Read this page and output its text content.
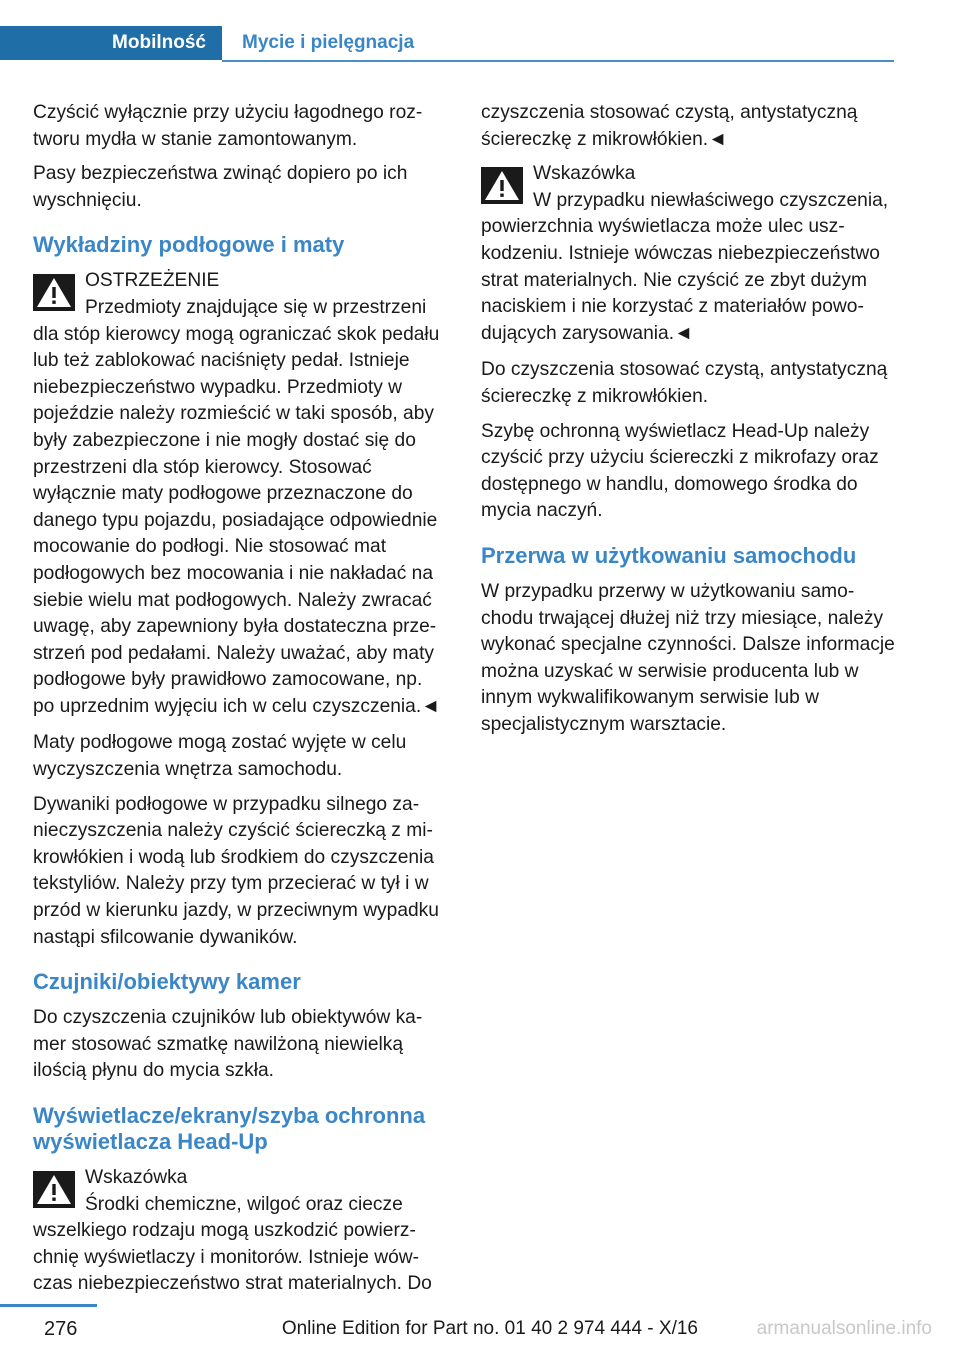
Mobilność	Mycie i pielęgnacja

Czyścić wyłącznie przy użyciu łagodnego roztworu mydła w stanie zamontowanym.

Pasy bezpieczeństwa zwinąć dopiero po ich wyschnięciu.

Wykładziny podłogowe i maty
OSTRZEŻENIE

Przedmioty znajdujące się w przestrzeni dla stóp kierowcy mogą ograniczać skok pedału lub też zablokować naciśnięty pedał. Istnieje niebezpieczeństwo wypadku. Przedmioty w pojeździe należy rozmieścić w taki sposób, aby były zabezpieczone i nie mogły dostać się do przestrzeni dla stóp kierowcy. Stosować wyłącznie maty podłogowe przeznaczone do danego typu pojazdu, posiadające odpowiednie mocowanie do podłogi. Nie stosować mat podłogowych bez mocowania i nie nakładać na siebie wielu mat podłogowych. Należy zwracać uwagę, aby zapewniony była dostateczna przestrzeń pod pedałami. Należy uważać, aby maty podłogowe były prawidłowo zamocowane, np. po uprzednim wyjęciu ich w celu czyszczenia.◄

Maty podłogowe mogą zostać wyjęte w celu wyczyszczenia wnętrza samochodu.

Dywaniki podłogowe w przypadku silnego zanieczyszczenia należy czyścić ściereczką z mikrowłókien i wodą lub środkiem do czyszczenia tekstyliów. Należy przy tym przecierać w tył i w przód w kierunku jazdy, w przeciwnym wypadku nastąpi sfilcowanie dywaników.

Czujniki/obiektywy kamer

Do czyszczenia czujników lub obiektywów kamer stosować szmatkę nawilżoną niewielką ilością płynu do mycia szkła.

Wyświetlacze/ekrany/szyba ochronna wyświetlacza Head-Up
Wskazówka

Środki chemiczne, wilgoć oraz ciecze wszelkiego rodzaju mogą uszkodzić powierzchnię wyświetlaczy i monitorów. Istnieje wówczas niebezpieczeństwo strat materialnych. Do

czyszczenia stosować czystą, antystatyczną ściereczkę z mikrowłókien.◄

Wskazówka

W przypadku niewłaściwego czyszczenia, powierzchnia wyświetlacza może ulec uszkodzeniu. Istnieje wówczas niebezpieczeństwo strat materialnych. Nie czyścić ze zbyt dużym naciskiem i nie korzystać z materiałów powodujących zarysowania.◄

Do czyszczenia stosować czystą, antystatyczną ściereczkę z mikrowłókien.

Szybę ochronną wyświetlacz Head-Up należy czyścić przy użyciu ściereczki z mikrofazy oraz dostępnego w handlu, domowego środka do mycia naczyń.

Przerwa w użytkowaniu samochodu

W przypadku przerwy w użytkowaniu samochodu trwającej dłużej niż trzy miesiące, należy wykonać specjalne czynności. Dalsze informacje można uzyskać w serwisie producenta lub w innym wykwalifikowanym serwisie lub w specjalistycznym warsztacie.

276	Online Edition for Part no. 01 40 2 974 444 - X/16	armanualsonline.info
